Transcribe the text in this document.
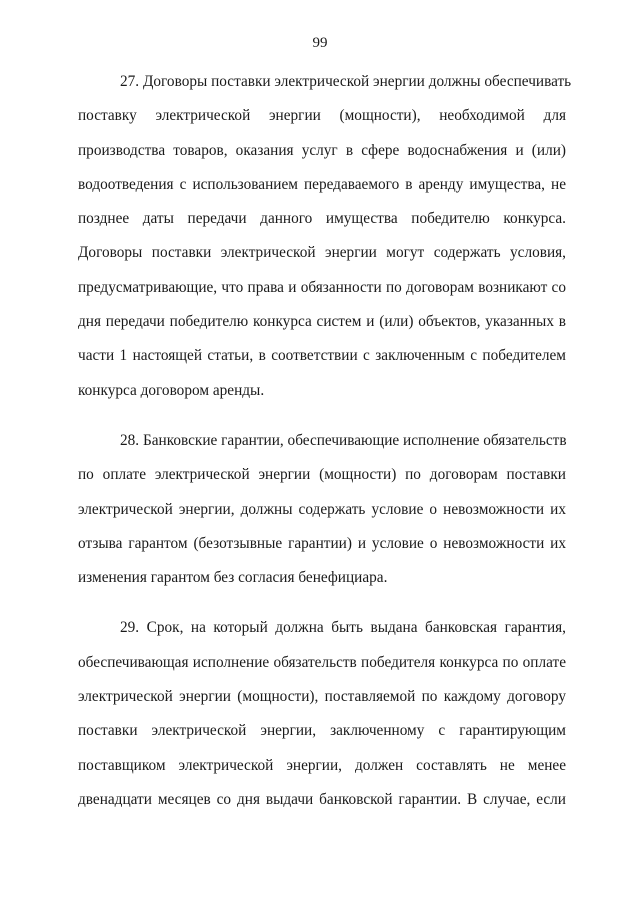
99
27. Договоры поставки электрической энергии должны обеспечивать
поставку электрической энергии (мощности), необходимой для
производства товаров, оказания услуг в сфере водоснабжения и (или)
водоотведения с использованием передаваемого в аренду имущества, не
позднее даты передачи данного имущества победителю конкурса.
Договоры поставки электрической энергии могут содержать условия,
предусматривающие, что права и обязанности по договорам возникают со
дня передачи победителю конкурса систем и (или) объектов, указанных в
части 1 настоящей статьи, в соответствии с заключенным с победителем
конкурса договором аренды.
28. Банковские гарантии, обеспечивающие исполнение обязательств
по оплате электрической энергии (мощности) по договорам поставки
электрической энергии, должны содержать условие о невозможности их
отзыва гарантом (безотзывные гарантии) и условие о невозможности их
изменения гарантом без согласия бенефициара.
29. Срок, на который должна быть выдана банковская гарантия,
обеспечивающая исполнение обязательств победителя конкурса по оплате
электрической энергии (мощности), поставляемой по каждому договору
поставки электрической энергии, заключенному с гарантирующим
поставщиком электрической энергии, должен составлять не менее
двенадцати месяцев со дня выдачи банковской гарантии. В случае, если
